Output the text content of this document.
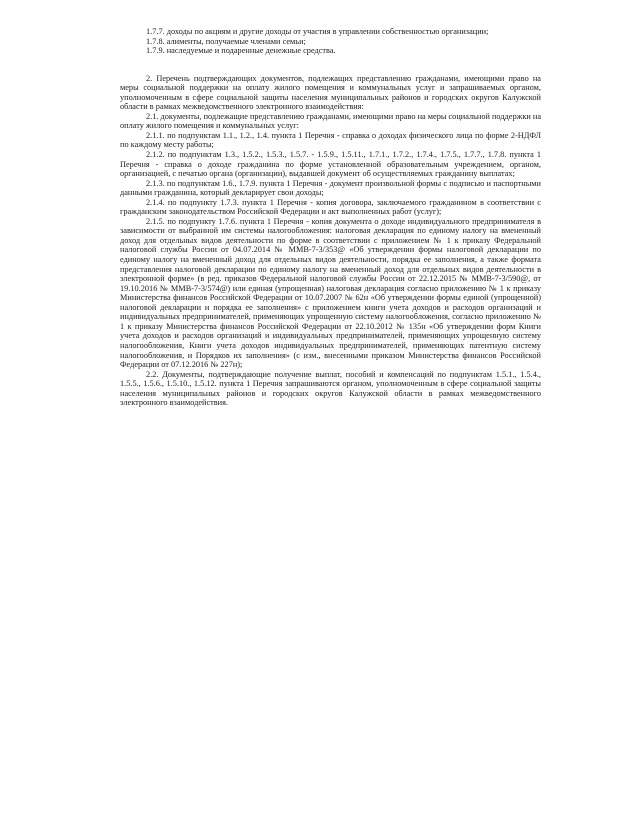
1.7.7. доходы по акциям и другие доходы от участия в управлении собственностью организации;

1.7.8. алименты, получаемые членами семьи;

1.7.9. наследуемые и подаренные денежные средства.

2. Перечень подтверждающих документов, подлежащих представлению гражданами, имеющими право на меры социальной поддержки на оплату жилого помещения и коммунальных услуг и запрашиваемых органом, уполномоченным в сфере социальной защиты населения муниципальных районов и городских округов Калужской области в рамках межведомственного электронного взаимодействия:

2.1. документы, подлежащие представлению гражданами, имеющими право на меры социальной поддержки на оплату жилого помещения и коммунальных услуг:

2.1.1. по подпунктам 1.1., 1.2., 1.4. пункта 1 Перечня - справка о доходах физического лица по форме 2-НДФЛ по каждому месту работы;

2.1.2. по подпунктам 1.3., 1.5.2., 1.5.3., 1.5.7. - 1.5.9., 1.5.11., 1.7.1., 1.7.2., 1.7.4., 1.7.5., 1.7.7., 1.7.8. пункта 1 Перечня - справка о доходе гражданина по форме установленной образовательным учреждением, органом, организацией, с печатью органа (организации), выдавшей документ об осуществляемых гражданину выплатах;

2.1.3. по подпунктам 1.6., 1.7.9. пункта 1 Перечня - документ произвольной формы с подписью и паспортными данными гражданина, который декларирует свои доходы;

2.1.4. по подпункту 1.7.3. пункта 1 Перечня - копия договора, заключаемого гражданином в соответствии с гражданским законодательством Российской Федерации и акт выполненных работ (услуг);

2.1.5. по подпункту 1.7.6. пункта 1 Перечня - копия документа о доходе индивидуального предпринимателя в зависимости от выбранной им системы налогообложения: налоговая декларация по единому налогу на вмененный доход для отдельных видов деятельности по форме в соответствии с приложением № 1 к приказу Федеральной налоговой службы России от 04.07.2014 № ММВ-7-3/353@ «Об утверждении формы налоговой декларации по единому налогу на вмененный доход для отдельных видов деятельности, порядка ее заполнения, а также формата представления налоговой декларации по единому налогу на вмененный доход для отдельных видов деятельности в электронной форме» (в ред. приказов Федеральной налоговой службы России от 22.12.2015 № ММВ-7-3/590@, от 19.10.2016 № ММВ-7-3/574@) или единая (упрощенная) налоговая декларация согласно приложению № 1 к приказу Министерства финансов Российской Федерации от 10.07.2007 № 62н «Об утверждении формы единой (упрощенной) налоговой декларации и порядка ее заполнения» с приложением книги учета доходов и расходов организаций и индивидуальных предпринимателей, применяющих упрощенную систему налогообложения, согласно приложению № 1 к приказу Министерства финансов Российской Федерации от 22.10.2012 № 135н «Об утверждении форм Книги учета доходов и расходов организаций и индивидуальных предпринимателей, применяющих упрощенную систему налогообложения, Книги учета доходов индивидуальных предпринимателей, применяющих патентную систему налогообложения, и Порядков их заполнения» (с изм., внесенными приказом Министерства финансов Российской Федерации от 07.12.2016 № 227н);

2.2. Документы, подтверждающие получение выплат, пособий и компенсаций по подпунктам 1.5.1., 1.5.4., 1.5.5., 1.5.6., 1.5.10., 1.5.12. пункта 1 Перечня запрашиваются органом, уполномоченным в сфере социальной защиты населения муниципальных районов и городских округов Калужской области в рамках межведомственного электронного взаимодействия.
